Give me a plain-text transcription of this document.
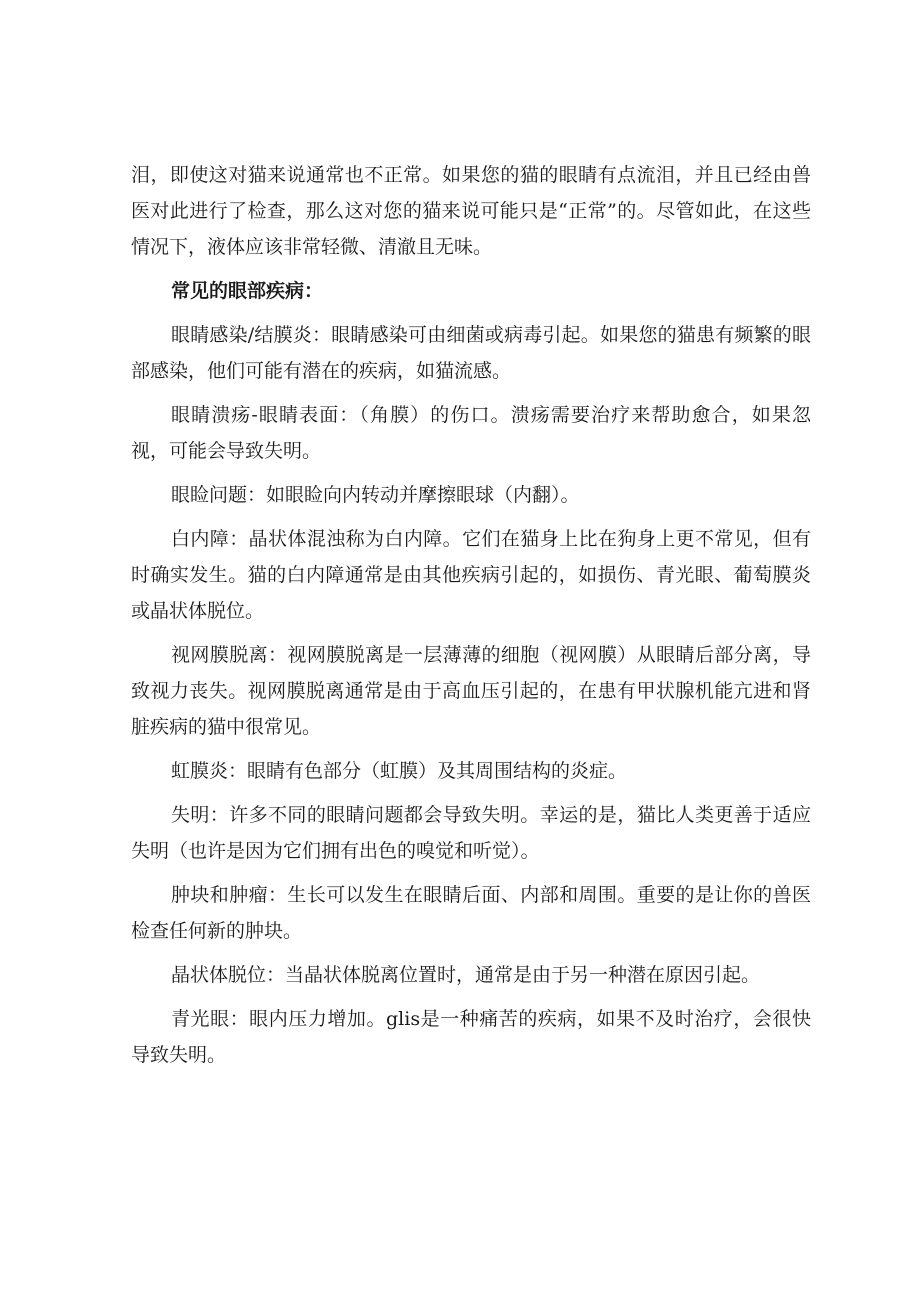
泪，即使这对猫来说通常也不正常。如果您的猫的眼睛有点流泪，并且已经由兽医对此进行了检查，那么这对您的猫来说可能只是“正常”的。尽管如此，在这些情况下，液体应该非常轻微、清澈且无味。

常见的眼部疾病：

眼睛感染/结膜炎：眼睛感染可由细菌或病毒引起。如果您的猫患有频繁的眼部感染，他们可能有潜在的疾病，如猫流感。

眼睛溃疡-眼睛表面：（角膜）的伤口。溃疡需要治疗来帮助愈合，如果忽视，可能会导致失明。

眼睑问题：如眼睑向内转动并摩擦眼球（内翻）。

白内障：晶状体混浊称为白内障。它们在猫身上比在狗身上更不常见，但有时确实发生。猫的白内障通常是由其他疾病引起的，如损伤、青光眼、葡萄膜炎或晶状体脱位。

视网膜脱离：视网膜脱离是一层薄薄的细胞（视网膜）从眼睛后部分离，导致视力丧失。视网膜脱离通常是由于高血压引起的，在患有甲状腺机能亢进和肾脏疾病的猫中很常见。

虹膜炎：眼睛有色部分（虹膜）及其周围结构的炎症。

失明：许多不同的眼睛问题都会导致失明。幸运的是，猫比人类更善于适应失明（也许是因为它们拥有出色的嗅觉和听觉）。

肿块和肿瘤：生长可以发生在眼睛后面、内部和周围。重要的是让你的兽医检查任何新的肿块。

晶状体脱位：当晶状体脱离位置时，通常是由于另一种潜在原因引起。

青光眼：眼内压力增加。glis是一种痛苦的疾病，如果不及时治疗，会很快导致失明。
